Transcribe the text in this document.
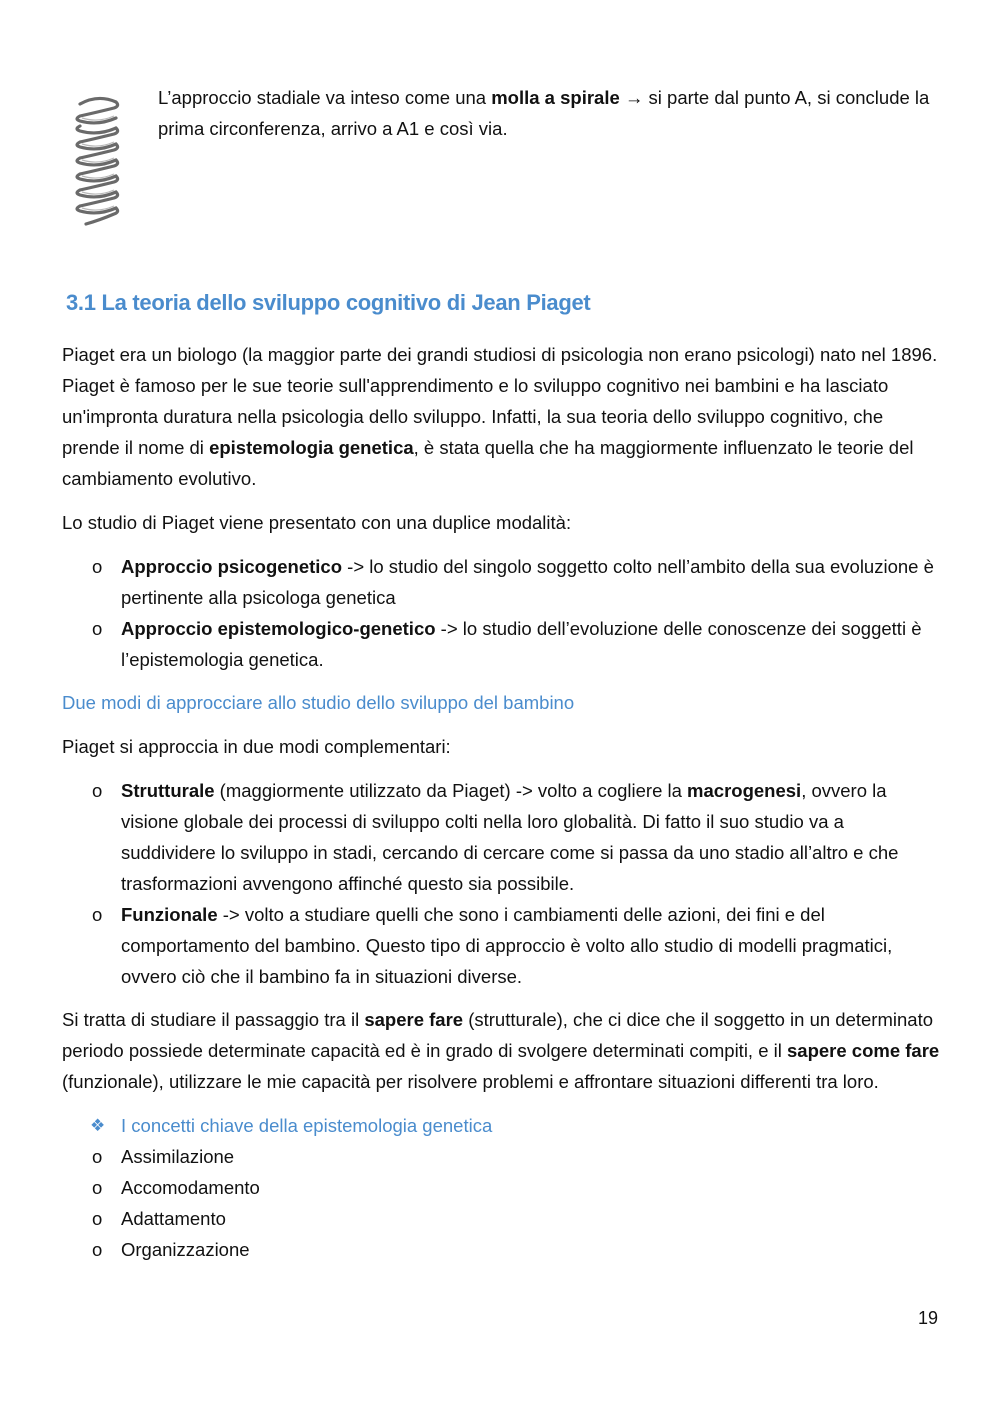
L’approccio stadiale va inteso come una molla a spirale → si parte dal punto A, si conclude la prima circonferenza, arrivo a A1 e così via.
3.1 La teoria dello sviluppo cognitivo di Jean Piaget

Piaget era un biologo (la maggior parte dei grandi studiosi di psicologia non erano psicologi) nato nel 1896. Piaget è famoso per le sue teorie sull'apprendimento e lo sviluppo cognitivo nei bambini e ha lasciato un'impronta duratura nella psicologia dello sviluppo. Infatti, la sua teoria dello sviluppo cognitivo, che prende il nome di epistemologia genetica, è stata quella che ha maggiormente influenzato le teorie del cambiamento evolutivo.

Lo studio di Piaget viene presentato con una duplice modalità:

o Approccio psicogenetico -> lo studio del singolo soggetto colto nell’ambito della sua evoluzione è pertinente alla psicologa genetica
o Approccio epistemologico-genetico -> lo studio dell’evoluzione delle conoscenze dei soggetti è l’epistemologia genetica.

Due modi di approcciare allo studio dello sviluppo del bambino

Piaget si approccia in due modi complementari:

o Strutturale (maggiormente utilizzato da Piaget) -> volto a cogliere la macrogenesi, ovvero la visione globale dei processi di sviluppo colti nella loro globalità. Di fatto il suo studio va a suddividere lo sviluppo in stadi, cercando di cercare come si passa da uno stadio all’altro e che trasformazioni avvengono affinché questo sia possibile.
o Funzionale -> volto a studiare quelli che sono i cambiamenti delle azioni, dei fini e del comportamento del bambino. Questo tipo di approccio è volto allo studio di modelli pragmatici, ovvero ciò che il bambino fa in situazioni diverse.

Si tratta di studiare il passaggio tra il sapere fare (strutturale), che ci dice che il soggetto in un determinato periodo possiede determinate capacità ed è in grado di svolgere determinati compiti, e il sapere come fare (funzionale), utilizzare le mie capacità per risolvere problemi e affrontare situazioni differenti tra loro.

❖ I concetti chiave della epistemologia genetica
o Assimilazione
o Accomodamento
o Adattamento
o Organizzazione
19
